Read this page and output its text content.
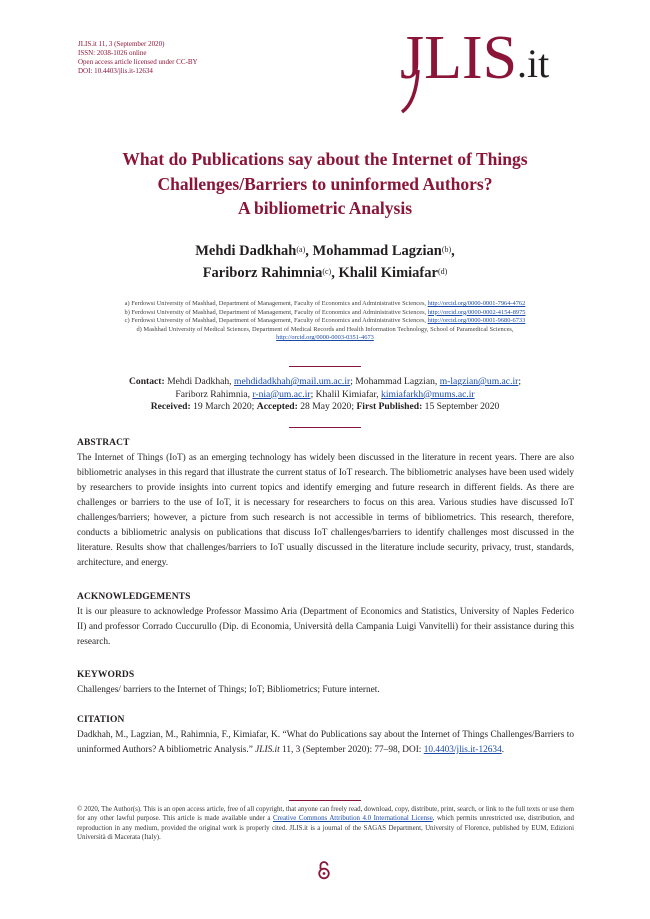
JLIS.it 11, 3 (September 2020)
ISSN: 2038-1026 online
Open access article licensed under CC-BY
DOI: 10.4403/jlis.it-12634	JLIS .it
What do Publications say about the Internet of Things
Challenges/Barriers to uninformed Authors?
A bibliometric Analysis
Mehdi Dadkhah$^{(a)}$, Mohammad Lagzian$^{(b)}$,
Fariborz Rahimnia$^{(c)}$, Khalil Kimiafar$^{(d)}$
a) Ferdowsi University of Mashhad, Department of Management, Faculty of Economics and Administrative Sciences, http://orcid.org/0000-0001-7964-4762
b) Ferdowsi University of Mashhad, Department of Management, Faculty of Economics and Administrative Sciences, http://orcid.org/0000-0002-4154-8975
c) Ferdowsi University of Mashhad, Department of Management, Faculty of Economics and Administrative Sciences, http://orcid.org/0000-0001-9680-6733
d) Mashhad University of Medical Sciences, Department of Medical Records and Health Information Technology, School of Paramedical Sciences,
http://orcid.org/0000-0003-0351-4673
Contact: Mehdi Dadkhah, mehdidadkhah@mail.um.ac.ir; Mohammad Lagzian, m-lagzian@um.ac.ir;
Fariborz Rahimnia, r-nia@um.ac.ir; Khalil Kimiafar, kimiafarkh@mums.ac.ir
Received: 19 March 2020; Accepted: 28 May 2020; First Published: 15 September 2020
ABSTRACT
The Internet of Things (IoT) as an emerging technology has widely been discussed in the literature in recent years. There are also bibliometric analyses in this regard that illustrate the current status of IoT research. The bibliometric analyses have been used widely by researchers to provide insights into current topics and identify emerging and future research in different fields. As there are challenges or barriers to the use of IoT, it is necessary for researchers to focus on this area. Various studies have discussed IoT challenges/barriers; however, a picture from such research is not accessible in terms of bibliometrics. This research, therefore, conducts a bibliometric analysis on publications that discuss IoT challenges/barriers to identify challenges most discussed in the literature. Results show that challenges/barriers to IoT usually discussed in the literature include security, privacy, trust, standards, architecture, and energy.
ACKNOWLEDGEMENTS
It is our pleasure to acknowledge Professor Massimo Aria (Department of Economics and Statistics, University of Naples Federico II) and professor Corrado Cuccurullo (Dip. di Economia, Università della Campania Luigi Vanvitelli) for their assistance during this research.
KEYWORDS
Challenges/ barriers to the Internet of Things; IoT; Bibliometrics; Future internet.
CITATION
Dadkhah, M., Lagzian, M., Rahimnia, F., Kimiafar, K. “What do Publications say about the Internet of Things Challenges/Barriers to uninformed Authors? A bibliometric Analysis.” JLIS.it 11, 3 (September 2020): 77–98, DOI: 10.4403/jlis.it-12634.
© 2020, The Author(s). This is an open access article, free of all copyright, that anyone can freely read, download, copy, distribute, print, search, or link to the full texts or use them for any other lawful purpose. This article is made available under a Creative Commons Attribution 4.0 International License, which permits unrestricted use, distribution, and reproduction in any medium, provided the original work is properly cited. JLIS.it is a journal of the SAGAS Department, University of Florence, published by EUM, Edizioni Università di Macerata (Italy).
